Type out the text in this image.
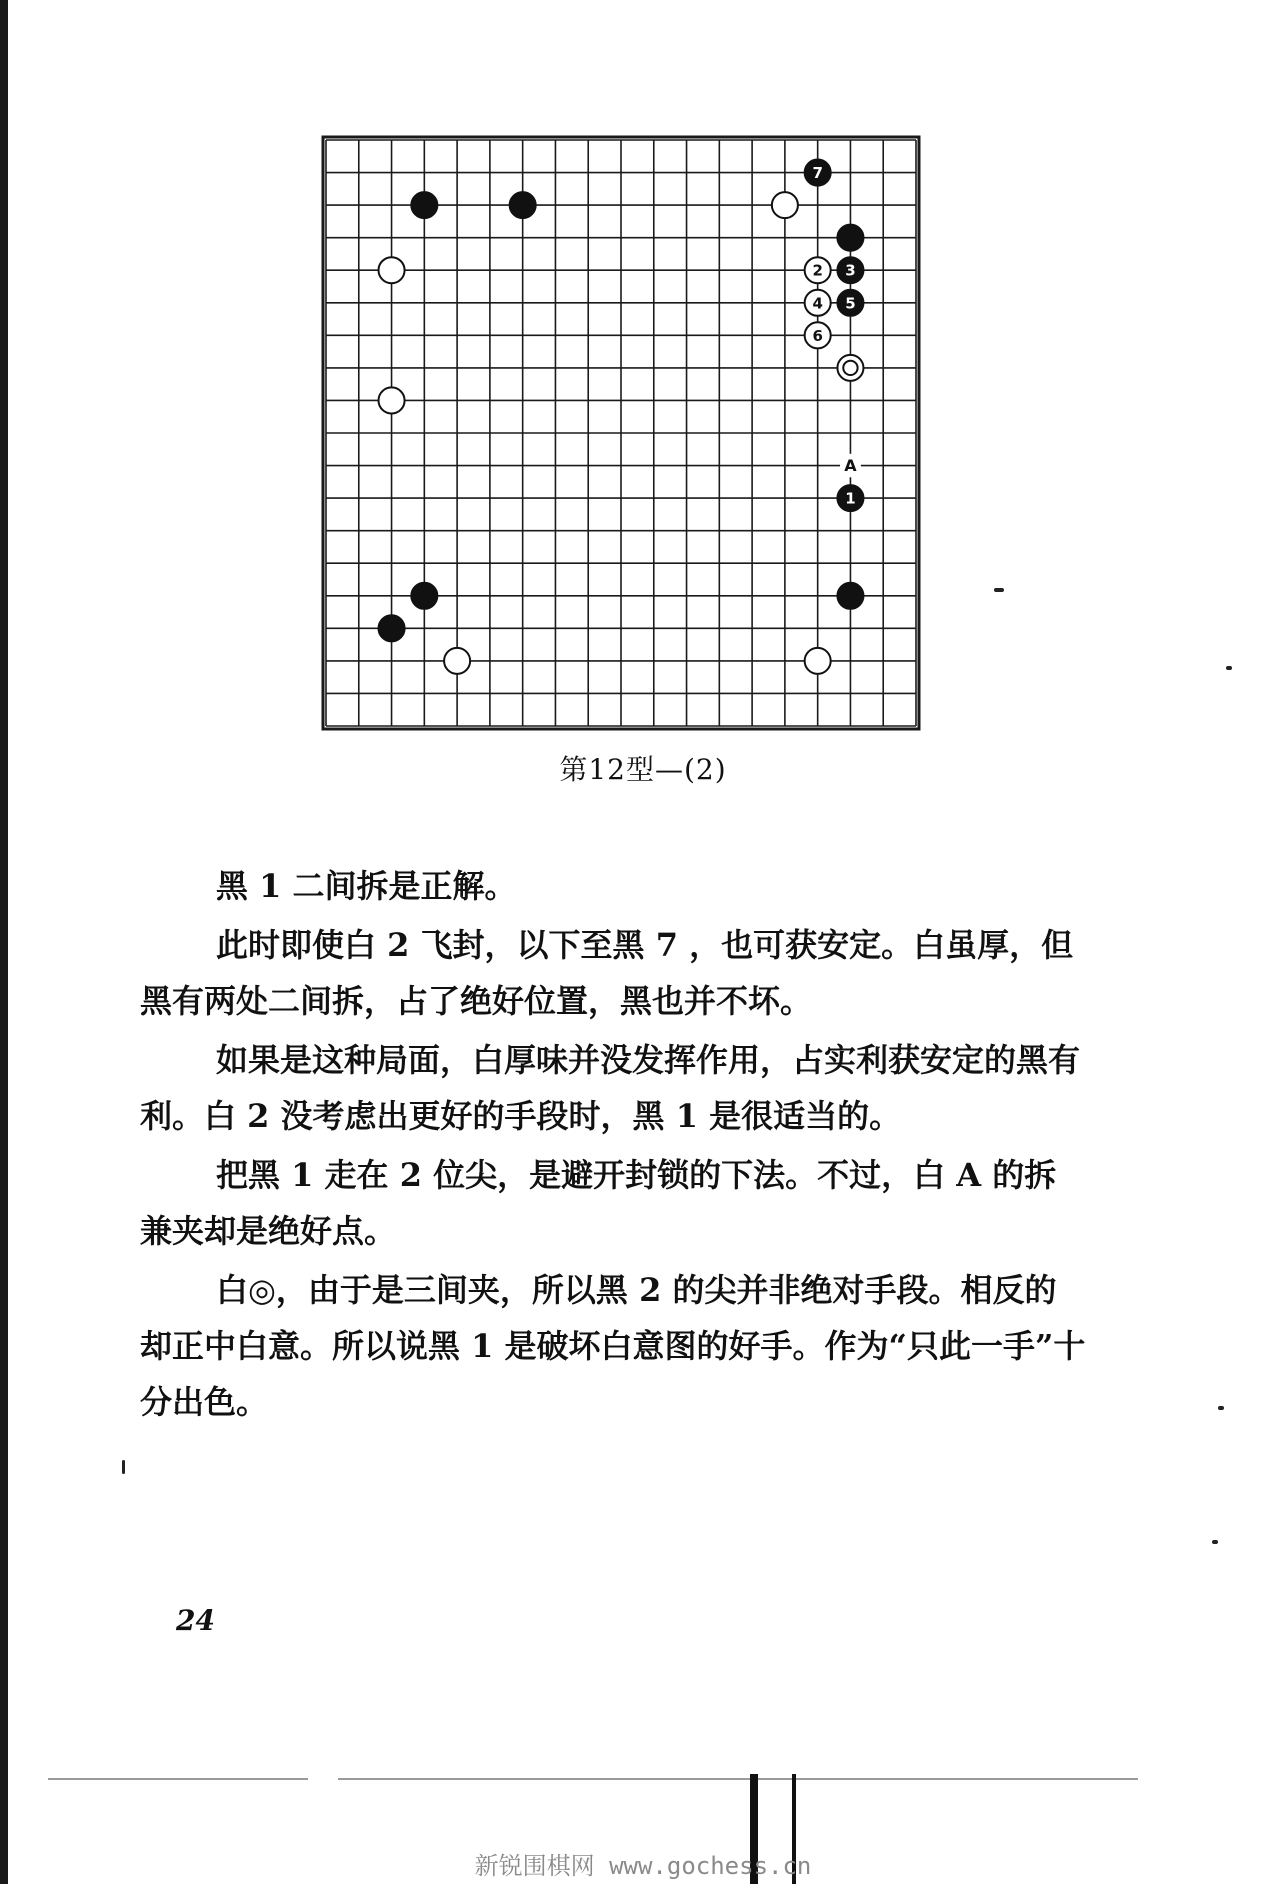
1
2 3
4 5
6
7
A
第12型—(2)

黑 1 二间拆是正解。

此时即使白 2 飞封，以下至黑 7 ，也可获安定。白虽厚，但黑有两处二间拆，占了绝好位置，黑也并不坏。

如果是这种局面，白厚味并没发挥作用，占实利获安定的黑有利。白 2 没考虑出更好的手段时，黑 1 是很适当的。

把黑 1 走在 2 位尖，是避开封锁的下法。不过，白 A 的拆兼夹却是绝好点。

白◎，由于是三间夹，所以黑 2 的尖并非绝对手段。相反的却正中白意。所以说黑 1 是破坏白意图的好手。作为“只此一手”十分出色。

24
新锐围棋网 www.gochess.cn
